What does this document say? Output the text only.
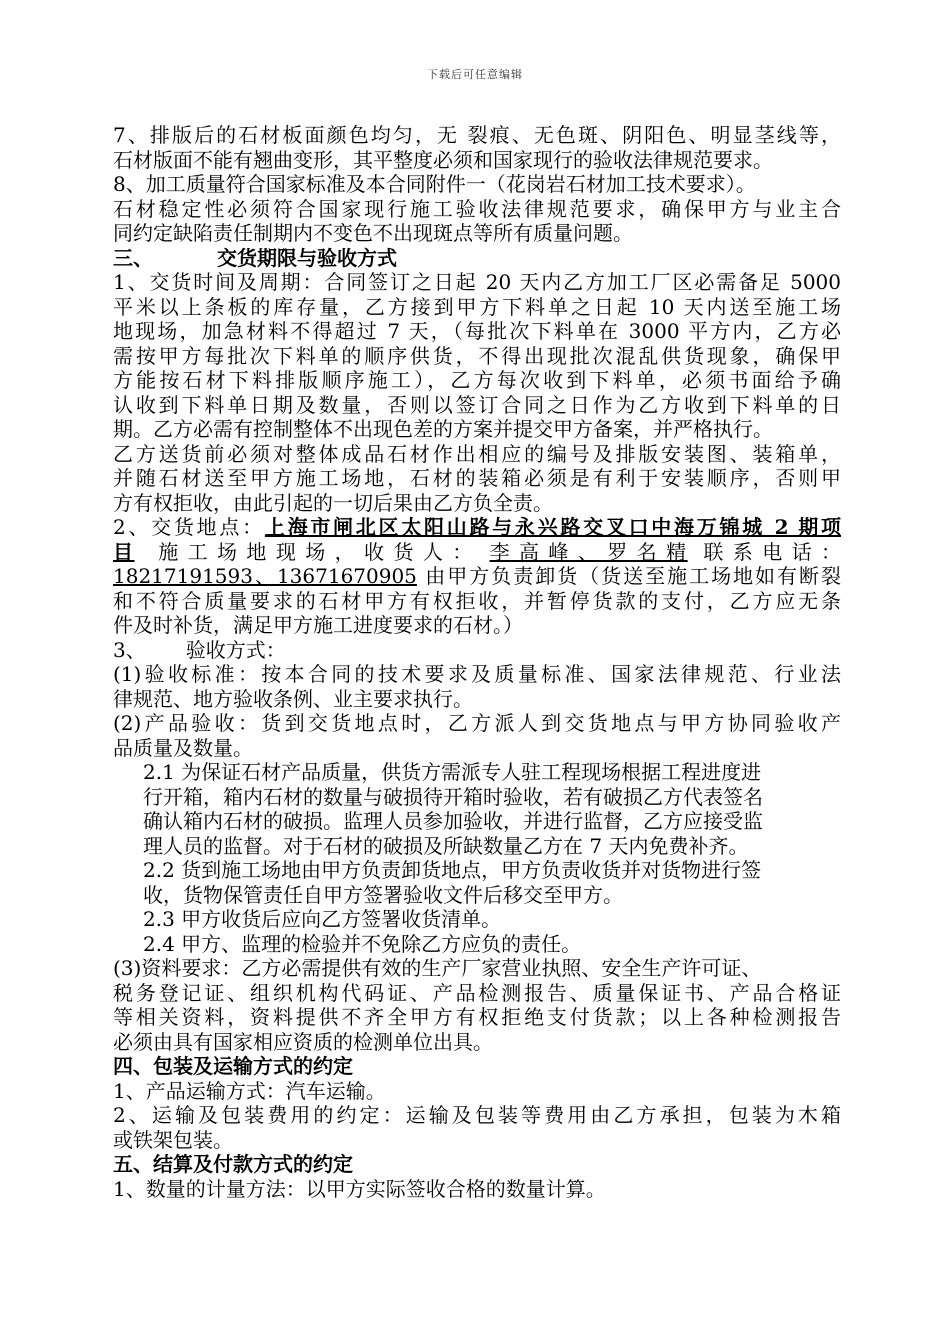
下载后可任意编辑
7、排版后的石材板面颜色均匀，无 裂痕、无色斑、阴阳色、明显茎线等，
石材版面不能有翘曲变形，其平整度必须和国家现行的验收法律规范要求。
8、加工质量符合国家标准及本合同附件一（花岗岩石材加工技术要求）。
石材稳定性必须符合国家现行施工验收法律规范要求，确保甲方与业主合
同约定缺陷责任制期内不变色不出现斑点等所有质量问题。
三、	交货期限与验收方式
1、交货时间及周期：合同签订之日起 20 天内乙方加工厂区必需备足 5000
平米以上条板的库存量，乙方接到甲方下料单之日起 10 天内送至施工场
地现场，加急材料不得超过 7 天，（每批次下料单在 3000 平方内，乙方必
需按甲方每批次下料单的顺序供货，不得出现批次混乱供货现象，确保甲
方能按石材下料排版顺序施工），乙方每次收到下料单，必须书面给予确
认收到下料单日期及数量，否则以签订合同之日作为乙方收到下料单的日
期。乙方必需有控制整体不出现色差的方案并提交甲方备案，并严格执行。
乙方送货前必须对整体成品石材作出相应的编号及排版安装图、装箱单，
并随石材送至甲方施工场地，石材的装箱必须是有利于安装顺序，否则甲
方有权拒收，由此引起的一切后果由乙方负全责。
2、交货地点：上海市闸北区太阳山路与永兴路交叉口中海万锦城 2 期项
目 施 工 场 地 现 场 ， 收 货 人 ： 李 高 峰 、 罗 名 精 联 系 电 话 ：
18217191593、13671670905 由甲方负责卸货（货送至施工场地如有断裂
和不符合质量要求的石材甲方有权拒收，并暂停货款的支付，乙方应无条
件及时补货，满足甲方施工进度要求的石材。）
3、 验收方式：
(1)验收标准：按本合同的技术要求及质量标准、国家法律规范、行业法
律规范、地方验收条例、业主要求执行。
(2)产品验收：货到交货地点时，乙方派人到交货地点与甲方协同验收产
品质量及数量。
2.1 为保证石材产品质量，供货方需派专人驻工程现场根据工程进度进
行开箱，箱内石材的数量与破损待开箱时验收，若有破损乙方代表签名
确认箱内石材的破损。监理人员参加验收，并进行监督，乙方应接受监
理人员的监督。对于石材的破损及所缺数量乙方在 7 天内免费补齐。
2.2 货到施工场地由甲方负责卸货地点，甲方负责收货并对货物进行签
收，货物保管责任自甲方签署验收文件后移交至甲方。
2.3 甲方收货后应向乙方签署收货清单。
2.4 甲方、监理的检验并不免除乙方应负的责任。
(3)资料要求：乙方必需提供有效的生产厂家营业执照、安全生产许可证、
税务登记证、组织机构代码证、产品检测报告、质量保证书、产品合格证
等相关资料，资料提供不齐全甲方有权拒绝支付货款；以上各种检测报告
必须由具有国家相应资质的检测单位出具。
四、包装及运输方式的约定
1、产品运输方式：汽车运输。
2、运输及包装费用的约定：运输及包装等费用由乙方承担，包装为木箱
或铁架包装。
五、结算及付款方式的约定
1、数量的计量方法：以甲方实际签收合格的数量计算。
